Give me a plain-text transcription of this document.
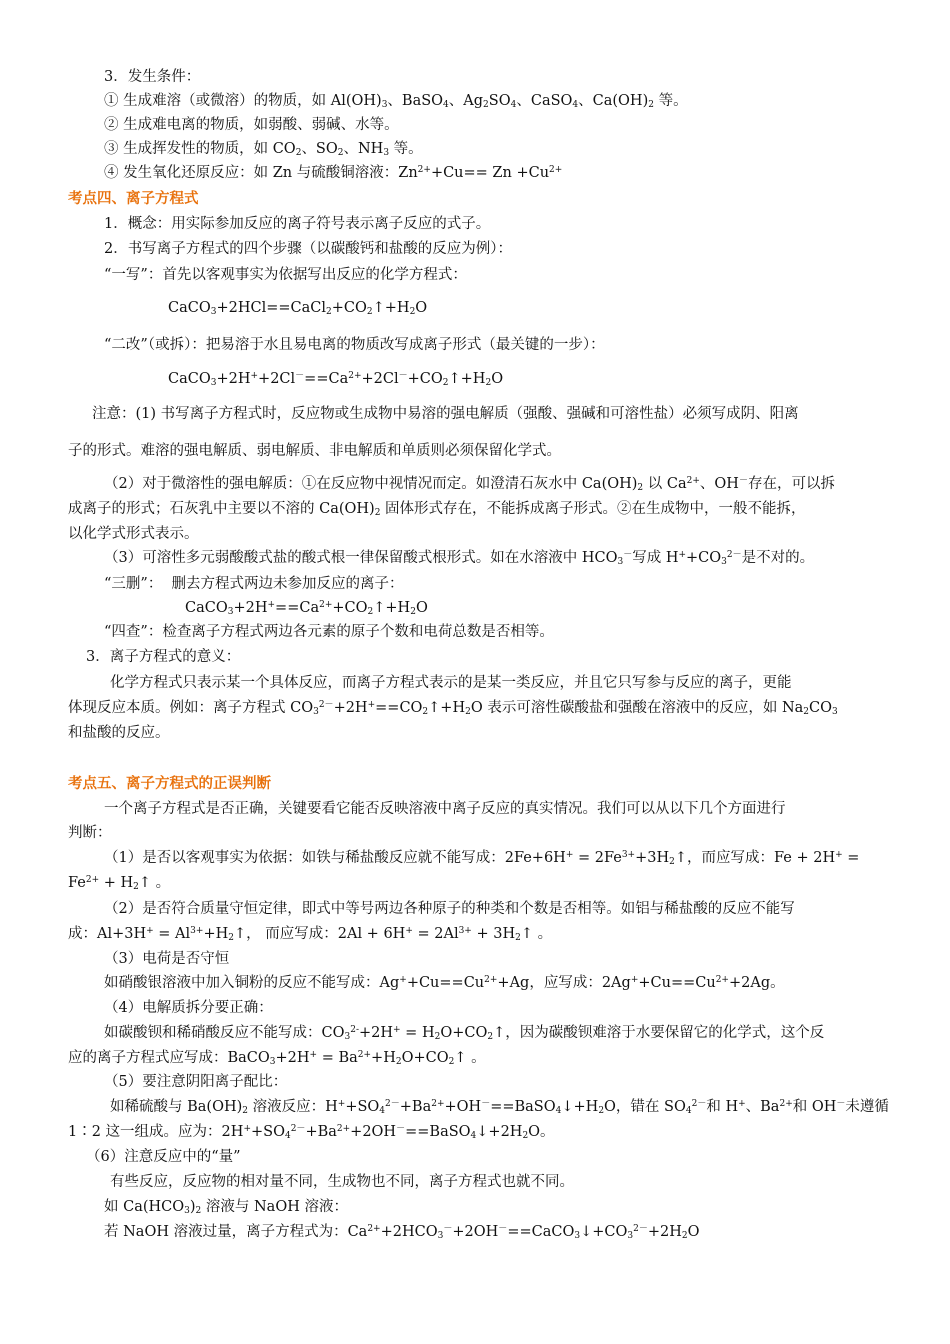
3．发生条件：
① 生成难溶（或微溶）的物质，如 $Al(OH)_3$、BaSO$_4$、$Ag_2SO_4$、CaSO$_4$、$Ca(OH)_2$ 等。
② 生成难电离的物质，如弱酸、弱碱、水等。
③ 生成挥发性的物质，如 $CO_2$、$SO_2$、$NH_3$ 等。
④ 发生氧化还原反应：如 Zn 与硫酸铜溶液：$Zn^{2+}+Cu== Zn +Cu^{2+}$
考点四、离子方程式
1．概念：用实际参加反应的离子符号表示离子反应的式子。
2．书写离子方程式的四个步骤（以碳酸钙和盐酸的反应为例）：
“一写”：首先以客观事实为依据写出反应的化学方程式：
$CaCO_3+2HCl==CaCl_2+CO_2↑+H_2O$
“二改”（或拆）：把易溶于水且易电离的物质改写成离子形式（最关键的一步）：
$CaCO_3+2H^++2Cl^-==Ca^{2+}+2Cl^-+CO_2↑+H_2O$
注意：(1) 书写离子方程式时，反应物或生成物中易溶的强电解质（强酸、强碱和可溶性盐）必须写成阴、阳离
子的形式。难溶的强电解质、弱电解质、非电解质和单质则必须保留化学式。
（2）对于微溶性的强电解质：①在反应物中视情况而定。如澄清石灰水中 $Ca(OH)_2$ 以 $Ca^{2+}$、OH－存在，可以拆
成离子的形式；石灰乳中主要以不溶的 $Ca(OH)_2$ 固体形式存在，不能拆成离子形式。②在生成物中，一般不能拆，
以化学式形式表示。
（3）可溶性多元弱酸酸式盐的酸式根一律保留酸式根形式。如在水溶液中 $HCO_3^-$写成 $H^++CO_3^{2-}$是不对的。
“三删”：  删去方程式两边未参加反应的离子：
$CaCO_3+2H^+==Ca^{2+}+CO_2↑+H_2O$
“四查”：检查离子方程式两边各元素的原子个数和电荷总数是否相等。
3．离子方程式的意义：
化学方程式只表示某一个具体反应，而离子方程式表示的是某一类反应，并且它只写参与反应的离子，更能
体现反应本质。例如：离子方程式 $CO_3^{2-}+2H^+==CO_2↑+H_2O$ 表示可溶性碳酸盐和强酸在溶液中的反应，如 $Na_2CO_3$
和盐酸的反应。
考点五、离子方程式的正误判断
一个离子方程式是否正确，关键要看它能否反映溶液中离子反应的真实情况。我们可以从以下几个方面进行
判断：
（1）是否以客观事实为依据：如铁与稀盐酸反应就不能写成：$2Fe+6H^+ = 2Fe^{3+}+3H_2↑$，而应写成：Fe + 2H+ =
$Fe^{2+}$ + $H_2↑$ 。
（2）是否符合质量守恒定律，即式中等号两边各种原子的种类和个数是否相等。如铝与稀盐酸的反应不能写
成：$Al+3H^+ = Al^{3+}+H_2↑$， 而应写成：$2Al + 6H^+ = 2Al^{3+}$ + $3H_2↑$ 。
（3）电荷是否守恒
如硝酸银溶液中加入铜粉的反应不能写成：$Ag^++Cu==Cu^{2+}+Ag$，应写成：$2Ag^++Cu==Cu^{2+}+2Ag$。
（4）电解质拆分要正确：
如碳酸钡和稀硝酸反应不能写成：$CO_3^{2-}+2H^+$ = $H_2O+CO_2↑$，因为碳酸钡难溶于水要保留它的化学式，这个反
应的离子方程式应写成：BaCO$_3$+2H+ = $Ba^{2+}+H_2O+CO_2↑$ 。
（5）要注意阴阳离子配比：
如稀硫酸与 $Ba(OH)_2$ 溶液反应：$H^++SO_4^{2-}+Ba^{2+}+OH^-==BaSO_4↓+H_2O$，错在 $SO_4^{2-}$和 H+、$Ba^{2+}$和 OH－未遵循
1∶2 这一组成。应为：$2H^++SO_4^{2-}+Ba^{2+}+2OH^-==BaSO_4↓+2H_2O$。
（6）注意反应中的“量”
有些反应，反应物的相对量不同，生成物也不同，离子方程式也就不同。
如 $Ca(HCO_3)_2$ 溶液与 NaOH 溶液：
若 NaOH 溶液过量，离子方程式为：$Ca^{2+}+2HCO_3^-+2OH^-==CaCO_3↓+CO_3^{2-}+2H_2O$
